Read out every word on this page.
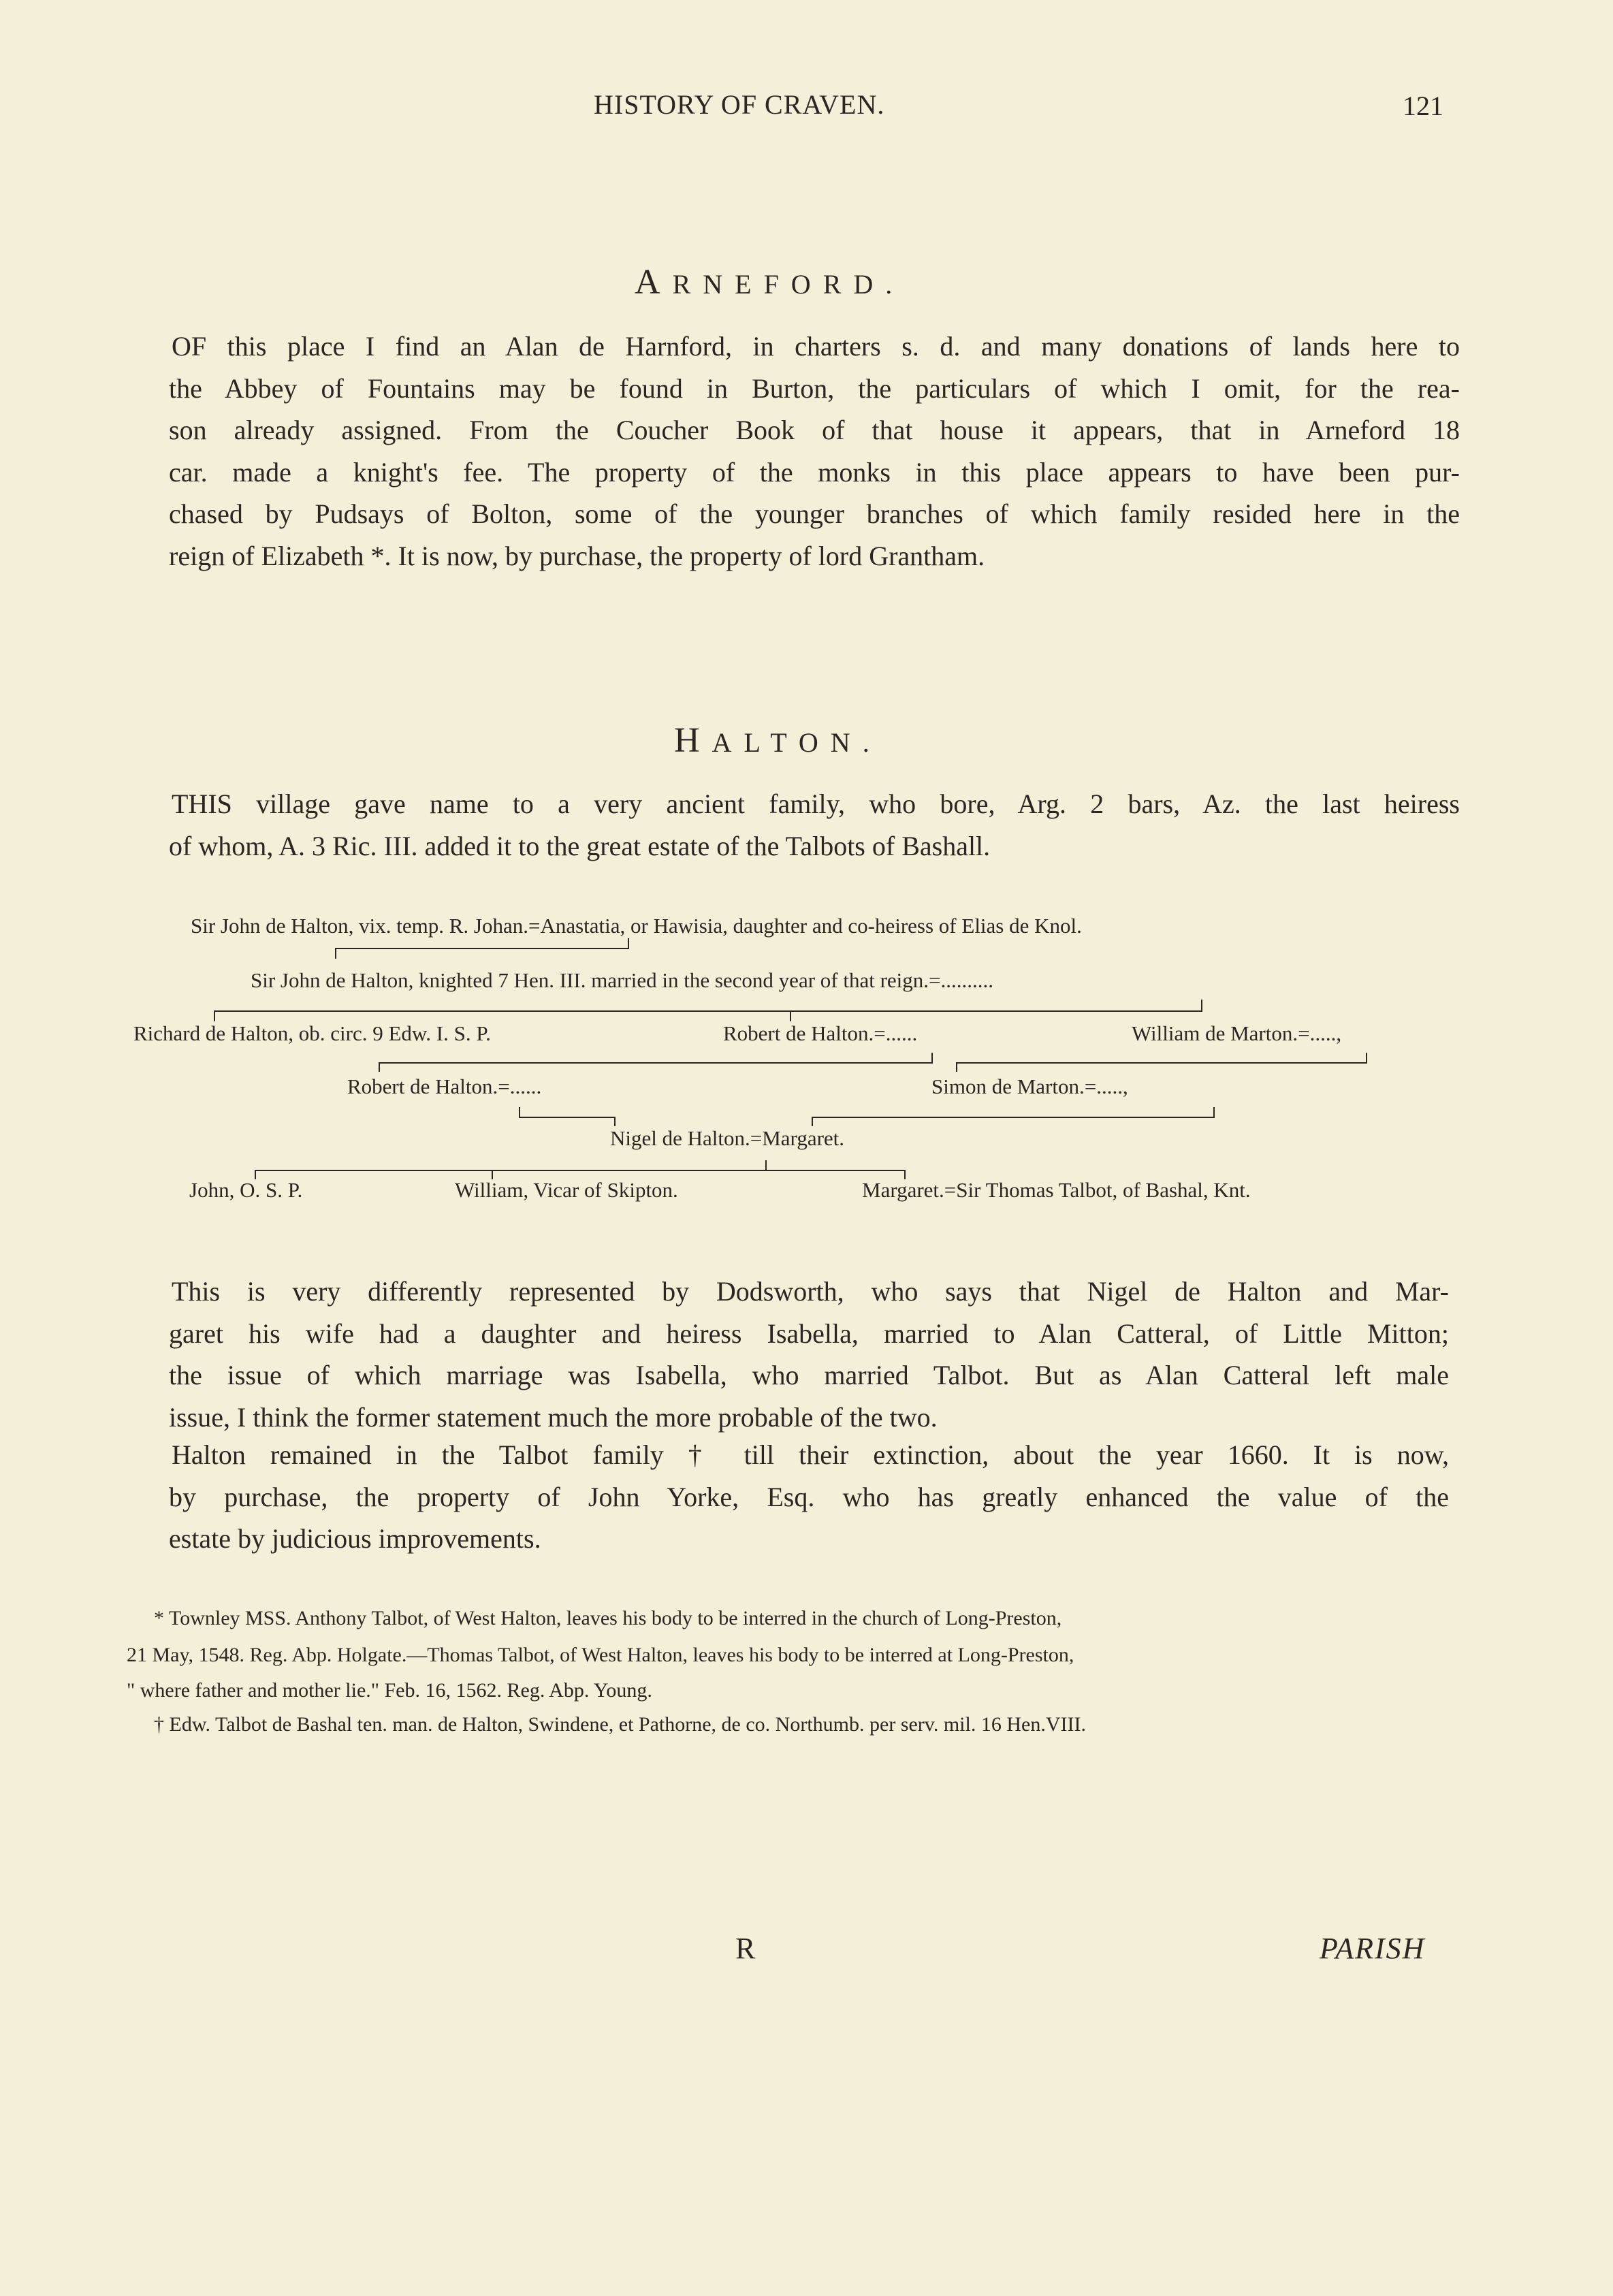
HISTORY OF CRAVEN.	121
ARNEFORD.
OF this place I find an Alan de Harnford, in charters s. d. and many donations of lands here to
the Abbey of Fountains may be found in Burton, the particulars of which I omit, for the rea-
son already assigned. From the Coucher Book of that house it appears, that in Arneford 18
car. made a knight's fee. The property of the monks in this place appears to have been pur-
chased by Pudsays of Bolton, some of the younger branches of which family resided here in the
reign of Elizabeth *. It is now, by purchase, the property of lord Grantham.
HALTON.
THIS village gave name to a very ancient family, who bore, Arg. 2 bars, Az. the last heiress
of whom, A. 3 Ric. III. added it to the great estate of the Talbots of Bashall.
Sir John de Halton, vix. temp. R. Johan.=Anastatia, or Hawisia, daughter and co-heiress of Elias de Knol.
Sir John de Halton, knighted 7 Hen. III. married in the second year of that reign.=..........
Richard de Halton, ob. circ. 9 Edw. I. S. P.	Robert de Halton.=......	William de Marton.=.....,
Robert de Halton.=......	Simon de Marton.=.....,
Nigel de Halton.=Margaret.
John, O. S. P.	William, Vicar of Skipton.	Margaret.=Sir Thomas Talbot, of Bashal, Knt.
This is very differently represented by Dodsworth, who says that Nigel de Halton and Mar-
garet his wife had a daughter and heiress Isabella, married to Alan Catteral, of Little Mitton;
the issue of which marriage was Isabella, who married Talbot. But as Alan Catteral left male
issue, I think the former statement much the more probable of the two.
Halton remained in the Talbot family † till their extinction, about the year 1660. It is now,
by purchase, the property of John Yorke, Esq. who has greatly enhanced the value of the
estate by judicious improvements.
* Townley MSS. Anthony Talbot, of West Halton, leaves his body to be interred in the church of Long-Preston,
21 May, 1548. Reg. Abp. Holgate.—Thomas Talbot, of West Halton, leaves his body to be interred at Long-Preston,
" where father and mother lie." Feb. 16, 1562. Reg. Abp. Young.
† Edw. Talbot de Bashal ten. man. de Halton, Swindene, et Pathorne, de co. Northumb. per serv. mil. 16 Hen.VIII.
R	PARISH
